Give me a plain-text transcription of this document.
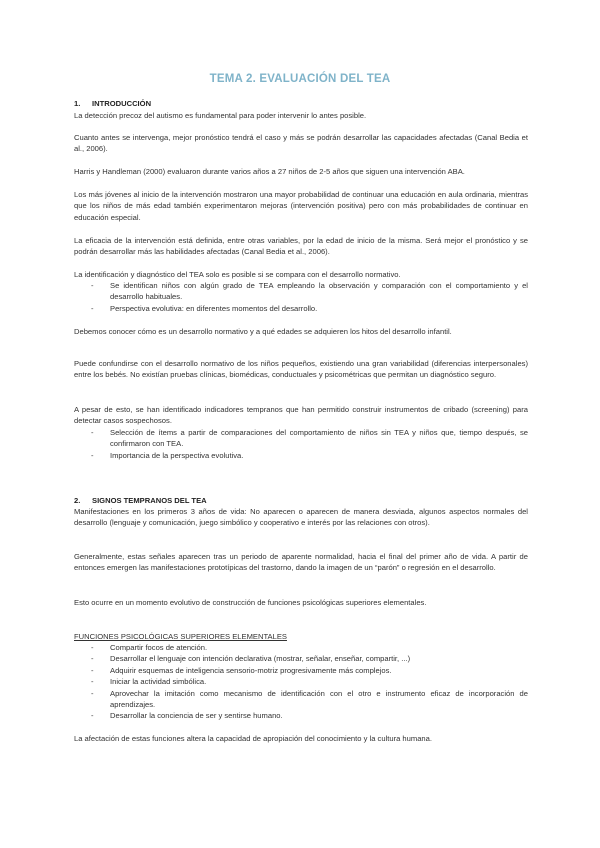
TEMA 2. EVALUACIÓN DEL TEA
1. INTRODUCCIÓN
La detección precoz del autismo es fundamental para poder intervenir lo antes posible.
Cuanto antes se intervenga, mejor pronóstico tendrá el caso y más se podrán desarrollar las capacidades afectadas (Canal Bedia et al., 2006).
Harris y Handleman (2000) evaluaron durante varios años a 27 niños de 2-5 años que siguen una intervención ABA.
Los más jóvenes al inicio de la intervención mostraron una mayor probabilidad de continuar una educación en aula ordinaria, mientras que los niños de más edad también experimentaron mejoras (intervención positiva) pero con más probabilidades de continuar en educación especial.
La eficacia de la intervención está definida, entre otras variables, por la edad de inicio de la misma. Será mejor el pronóstico y se podrán desarrollar más las habilidades afectadas (Canal Bedia et al., 2006).
La identificación y diagnóstico del TEA solo es posible si se compara con el desarrollo normativo.
- Se identifican niños con algún grado de TEA empleando la observación y comparación con el comportamiento y el desarrollo habituales.
- Perspectiva evolutiva: en diferentes momentos del desarrollo.
Debemos conocer cómo es un desarrollo normativo y a qué edades se adquieren los hitos del desarrollo infantil.
Puede confundirse con el desarrollo normativo de los niños pequeños, existiendo una gran variabilidad (diferencias interpersonales) entre los bebés. No existían pruebas clínicas, biomédicas, conductuales y psicométricas que permitan un diagnóstico seguro.
A pesar de esto, se han identificado indicadores tempranos que han permitido construir instrumentos de cribado (screening) para detectar casos sospechosos.
- Selección de ítems a partir de comparaciones del comportamiento de niños sin TEA y niños que, tiempo después, se confirmaron con TEA.
- Importancia de la perspectiva evolutiva.
2. SIGNOS TEMPRANOS DEL TEA
Manifestaciones en los primeros 3 años de vida: No aparecen o aparecen de manera desviada, algunos aspectos normales del desarrollo (lenguaje y comunicación, juego simbólico y cooperativo e interés por las relaciones con otros).
Generalmente, estas señales aparecen tras un periodo de aparente normalidad, hacia el final del primer año de vida. A partir de entonces emergen las manifestaciones prototípicas del trastorno, dando la imagen de un “parón” o regresión en el desarrollo.
Esto ocurre en un momento evolutivo de construcción de funciones psicológicas superiores elementales.
FUNCIONES PSICOLÓGICAS SUPERIORES ELEMENTALES
- Compartir focos de atención.
- Desarrollar el lenguaje con intención declarativa (mostrar, señalar, enseñar, compartir, ...)
- Adquirir esquemas de inteligencia sensorio-motriz progresivamente más complejos.
- Iniciar la actividad simbólica.
- Aprovechar la imitación como mecanismo de identificación con el otro e instrumento eficaz de incorporación de aprendizajes.
- Desarrollar la conciencia de ser y sentirse humano.
La afectación de estas funciones altera la capacidad de apropiación del conocimiento y la cultura humana.
